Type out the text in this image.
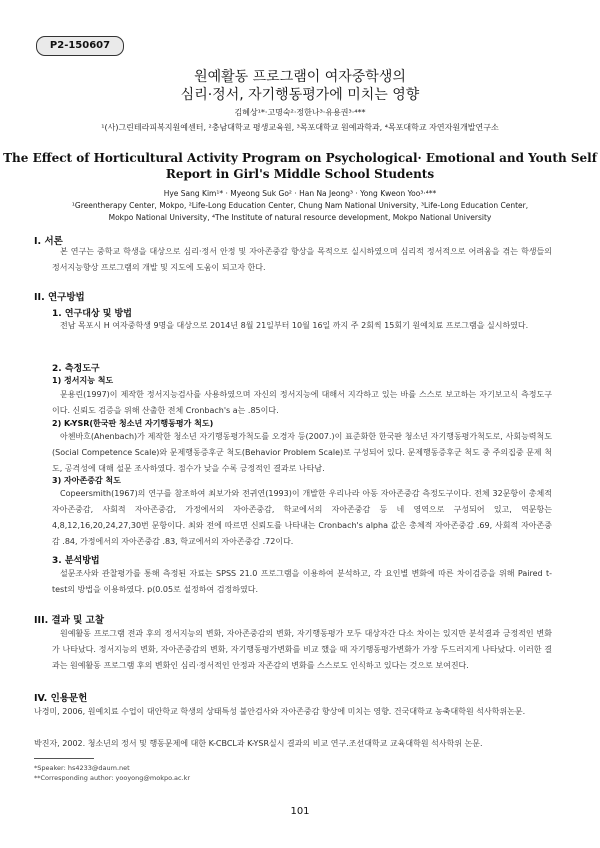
P2-150607
원예활동 프로그램이 여자중학생의
심리·정서, 자기행동평가에 미치는 영향
김혜상¹*·고명숙²·정한나³·유용권³·⁴**
¹(사)그린테라피복지원예센터, ²충남대학교 평생교육원, ³목포대학교 원예과학과, ⁴목포대학교 자연자원개발연구소
The Effect of Horticultural Activity Program on Psychological· Emotional and Youth Self
Report in Girl's Middle School Students
Hye Sang Kim¹* · Myeong Suk Go² · Han Na Jeong³ · Yong Kweon Yoo³·⁴**
¹Greentherapy Center, Mokpo, ²Life-Long Education Center, Chung Nam National University, ³Life-Long Education Center,
Mokpo National University, ⁴The Institute of natural resource development, Mokpo National University
I. 서론
본 연구는 중학교 학생을 대상으로 심리·정서 안정 및 자아존중감 향상을 목적으로 실시하였으며 심리적 정서적으로 어려움을 겪는 학생들의 정서지능향상 프로그램의 개발 및 지도에 도움이 되고자 한다.
II. 연구방법
1. 연구대상 및 방법
전남 목포시 H 여자중학생 9명을 대상으로 2014년 8월 21일부터 10월 16일 까지 주 2회씩 15회기 원예치료 프로그램을 실시하였다.
2. 측정도구
1) 정서지능 척도
문용린(1997)이 제작한 정서지능검사를 사용하였으며 자신의 정서지능에 대해서 지각하고 있는 바를 스스로 보고하는 자기보고식 측정도구이다. 신뢰도 검증을 위해 산출한 전체 Cronbach's a는 .85이다.
2) K-YSR(한국판 청소년 자기행동평가 척도)
아첸바흐(Ahenbach)가 제작한 청소년 자기행동평가척도를 오경자 등(2007.)이 표준화한 한국판 청소년 자기행동평가척도로, 사회능력척도(Social Competence Scale)와 문제행동증후군 척도(Behavior Problem Scale)로 구성되어 있다. 문제행동증후군 척도 중 주의집중 문제 척도, 공격성에 대해 설문 조사하였다. 점수가 낮을 수록 긍정적인 결과로 나타남.
3) 자아존중감 척도
Copeersmith(1967)의 연구를 참조하여 최보가와 전귀연(1993)이 개발한 우리나라 아동 자아존중감 측정도구이다. 전체 32문항이 총체적 자아존중감, 사회적 자아존중감, 가정에서의 자아존중감, 학교에서의 자아존중감 등 네 영역으로 구성되어 있고, 역문항는 4,8,12,16,20,24,27,30번 문항이다. 최와 전에 따르면 신뢰도를 나타내는 Cronbach's alpha 값은 총체적 자아존중감 .69, 사회적 자아존중감 .84, 가정에서의 자아존중감 .83, 학교에서의 자아존중감 .72이다.
3. 분석방법
설문조사와 관찰평가를 통해 측정된 자료는 SPSS 21.0 프로그램을 이용하여 분석하고, 각 요인별 변화에 따른 차이검증을 위해 Paired t-test의 방법을 이용하였다. p⟨0.05로 설정하여 검정하였다.
III. 결과 및 고찰
원예활동 프로그램 전과 후의 정서지능의 변화, 자아존중감의 변화, 자기행동평가 모두 대상자간 다소 차이는 있지만 분석결과 긍정적인 변화가 나타났다. 정서지능의 변화, 자아존중감의 변화, 자기행동평가변화를 비교 했을 때 자기행동평가변화가 가장 두드러지게 나타났다. 이러한 결과는 원예활동 프로그램 후의 변화인 심리·정서적인 안정과 자존감의 변화를 스스로도 인식하고 있다는 것으로 보여진다.
IV. 인용문헌
나경미, 2006, 원예치료 수업이 대안학교 학생의 상태특성 불안검사와 자아존중감 향상에 미치는 영향. 건국대학교 농축대학원 석사학위논문.
박진자, 2002. 청소년의 정서 및 행동문제에 대한 K-CBCL과 K-YSR실시 결과의 비교 연구.조선대학교 교육대학원 석사학위 논문.
*Speaker: hs4233@daum.net
**Corresponding author: yooyong@mokpo.ac.kr
101
